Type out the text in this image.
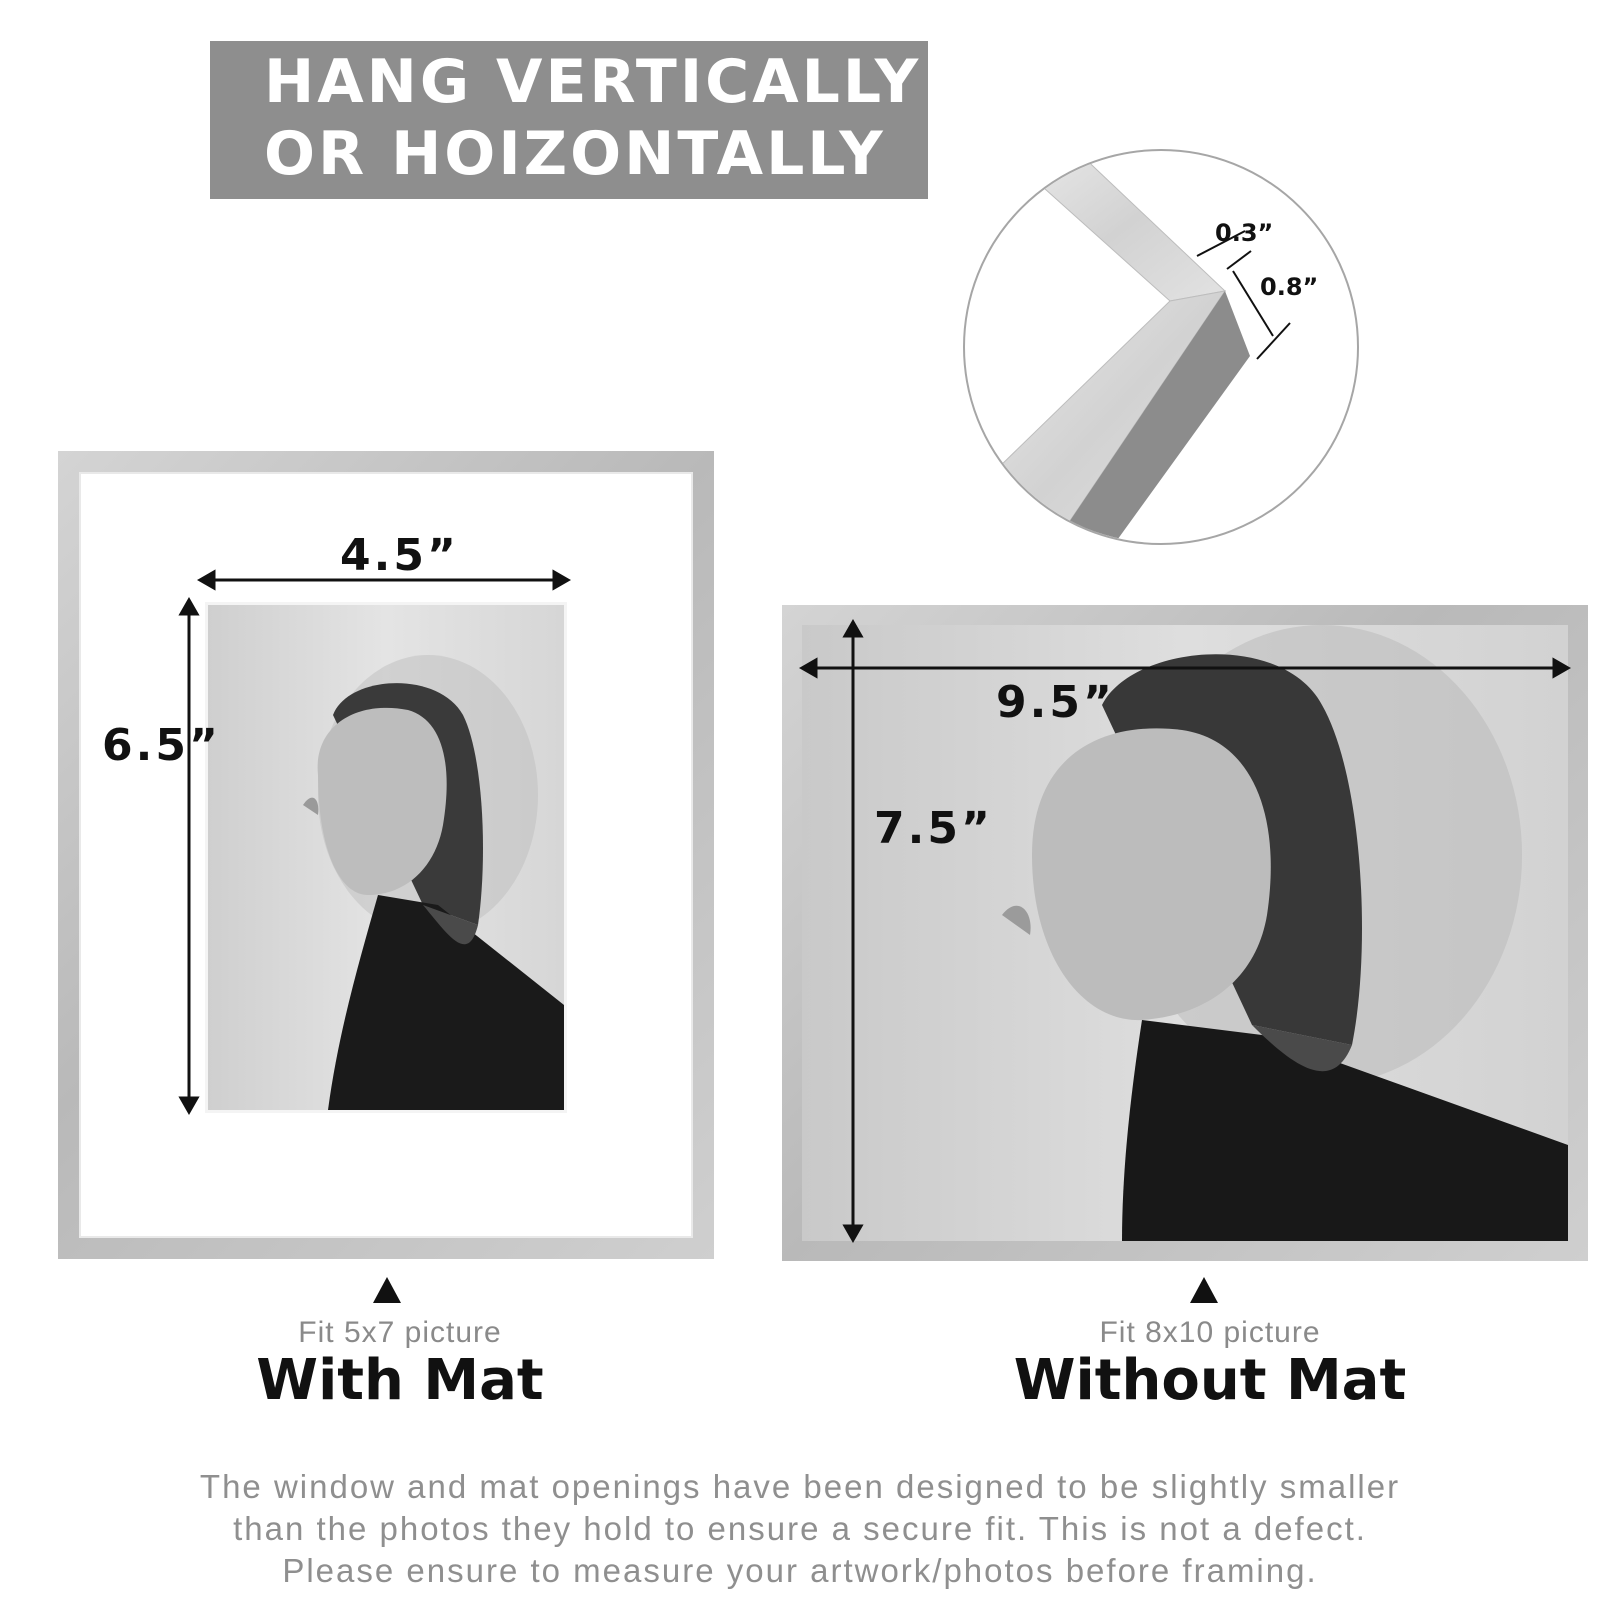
HANG VERTICALLY
OR HOIZONTALLY
0.3”
0.8”
4.5”
6.5”
9.5”
7.5”
Fit 5x7 picture
With Mat
Fit 8x10 picture
Without Mat
The window and mat openings have been designed to be slightly smaller
than the photos they hold to ensure a secure fit. This is not a defect.
Please ensure to measure your artwork/photos before framing.
